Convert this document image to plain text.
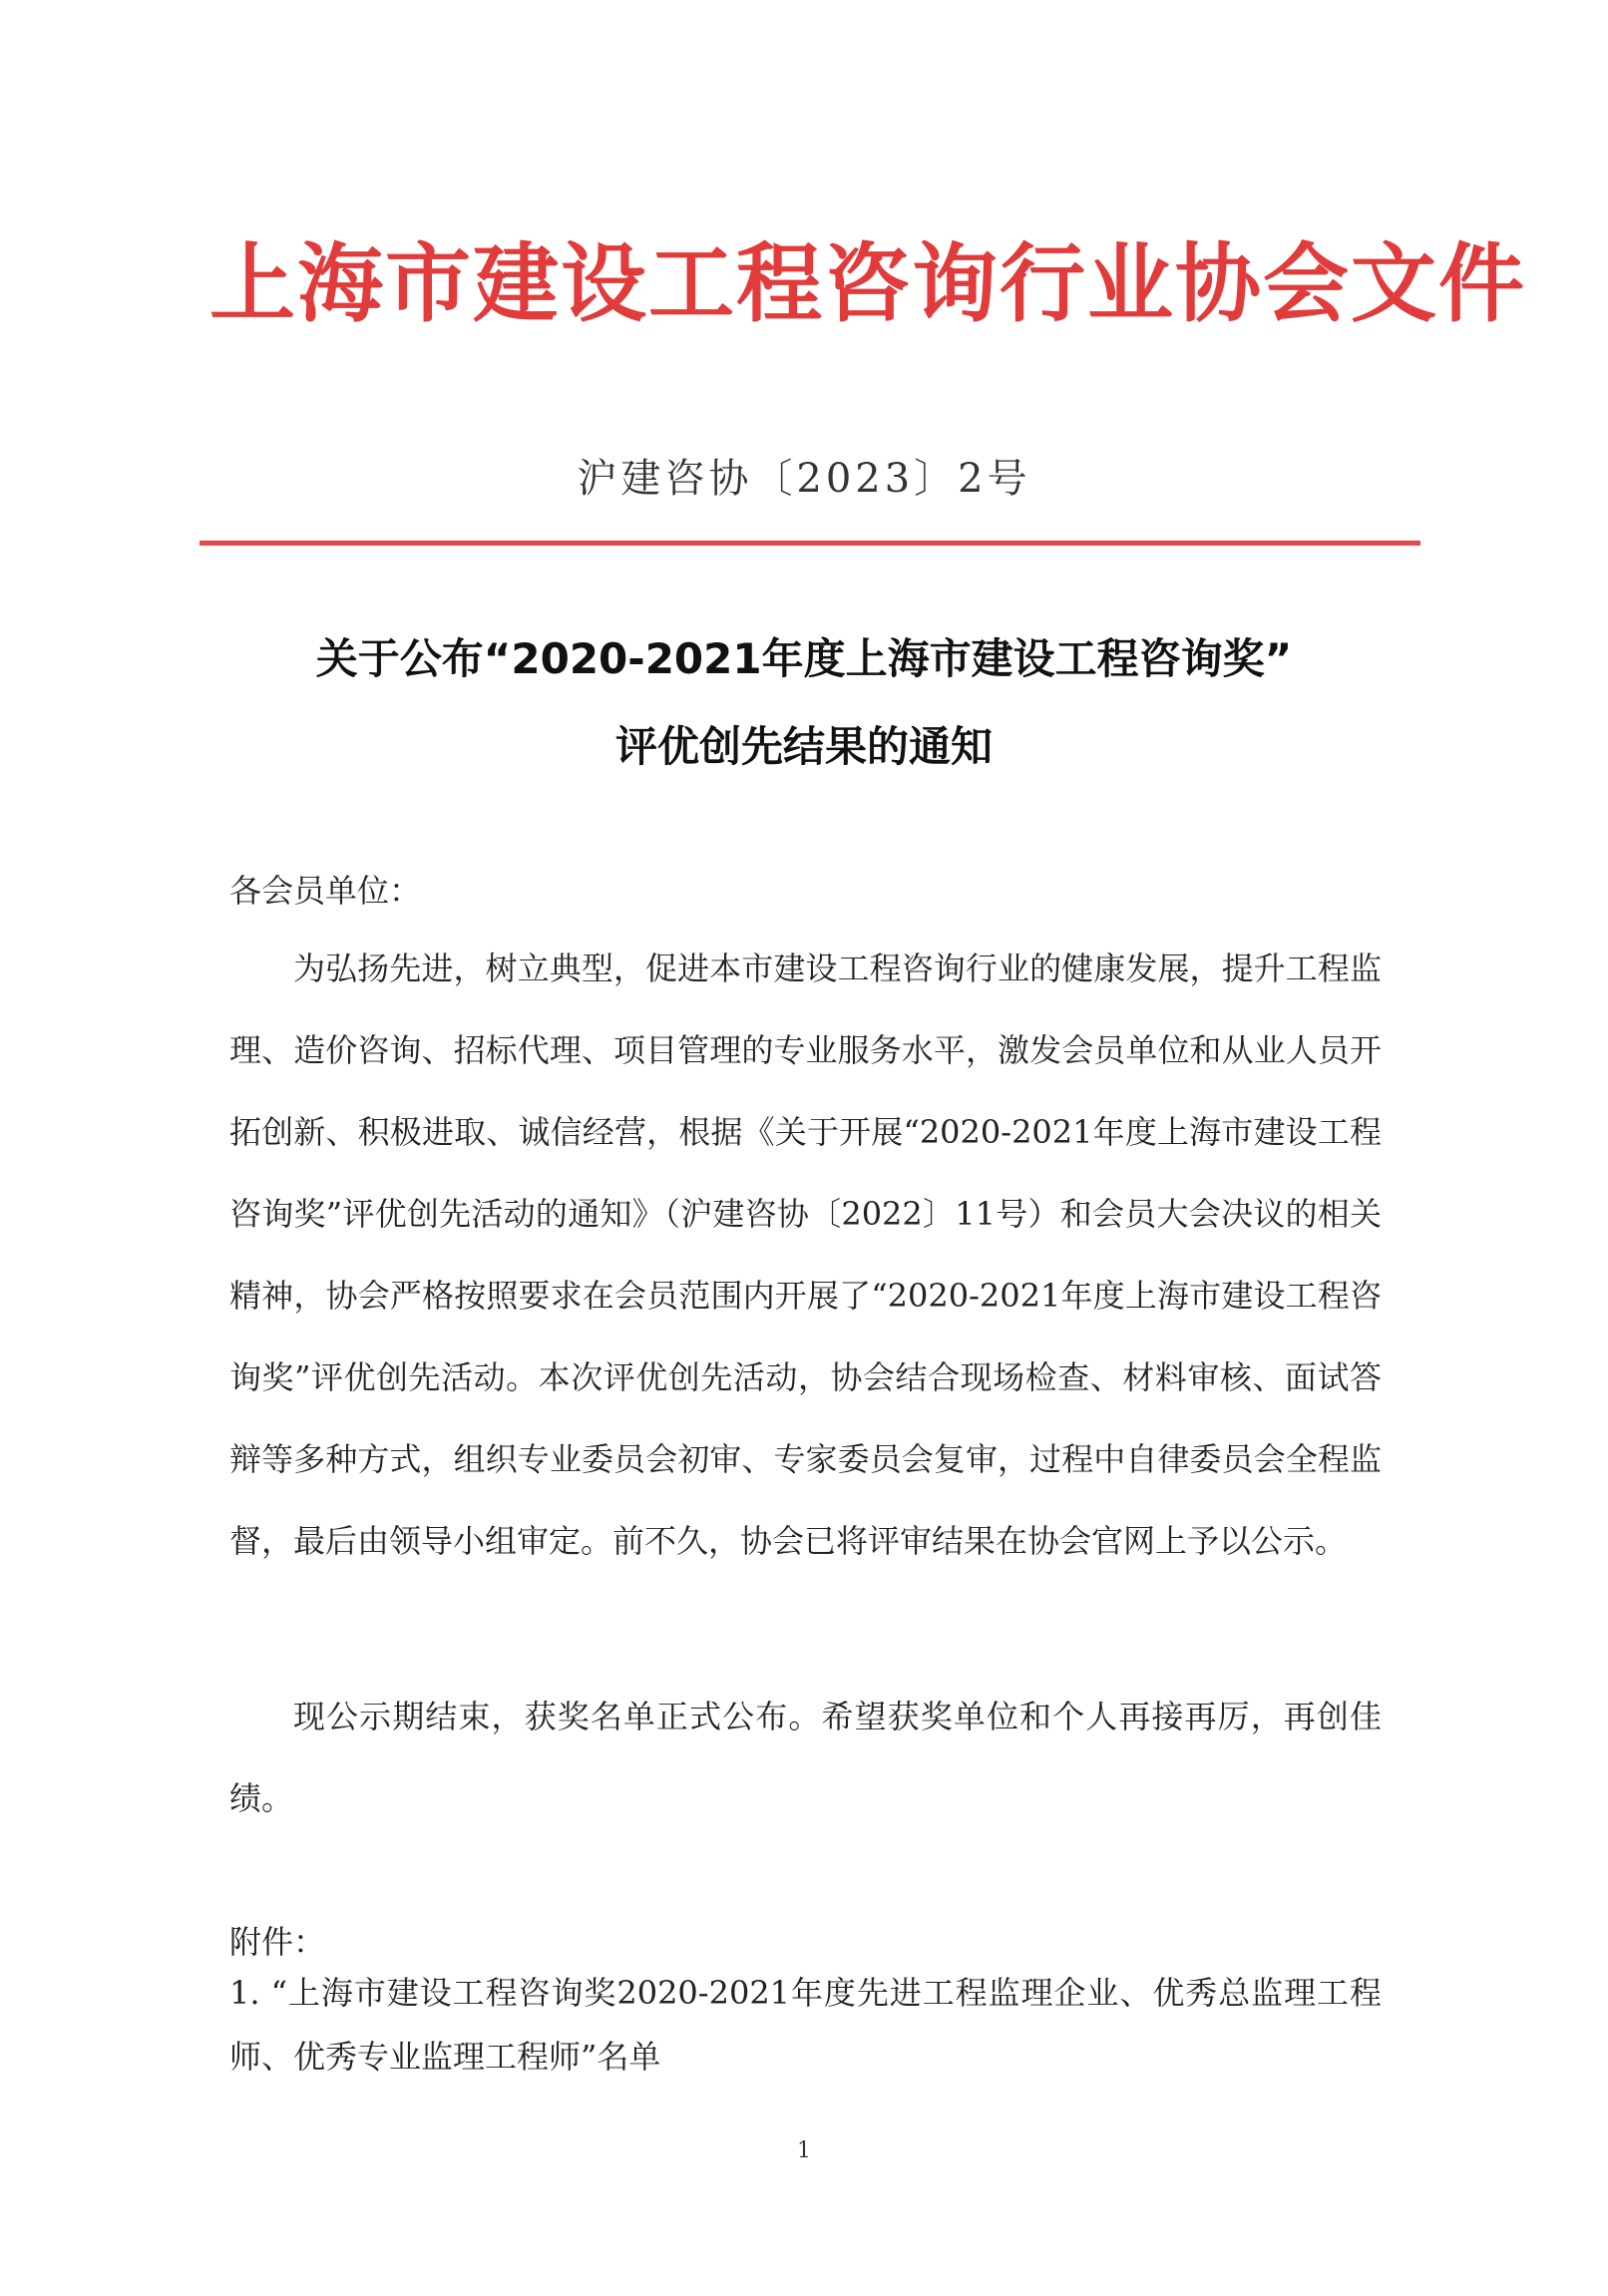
上海市建设工程咨询行业协会文件
沪建咨协〔2023〕2号
关于公布“2020-2021年度上海市建设工程咨询奖”
评优创先结果的通知
各会员单位：

为弘扬先进，树立典型，促进本市建设工程咨询行业的健康发展，提升工程监理、造价咨询、招标代理、项目管理的专业服务水平，激发会员单位和从业人员开拓创新、积极进取、诚信经营，根据《关于开展“2020-2021年度上海市建设工程咨询奖”评优创先活动的通知》（沪建咨协〔2022〕11号）和会员大会决议的相关精神，协会严格按照要求在会员范围内开展了“2020-2021年度上海市建设工程咨询奖”评优创先活动。本次评优创先活动，协会结合现场检查、材料审核、面试答辩等多种方式，组织专业委员会初审、专家委员会复审，过程中自律委员会全程监督，最后由领导小组审定。前不久，协会已将评审结果在协会官网上予以公示。

现公示期结束，获奖名单正式公布。希望获奖单位和个人再接再厉，再创佳绩。

附件：

1. “上海市建设工程咨询奖2020-2021年度先进工程监理企业、优秀总监理工程师、优秀专业监理工程师”名单

1
